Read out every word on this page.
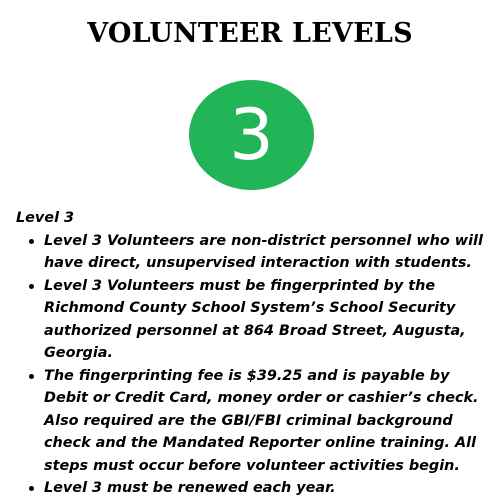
VOLUNTEER LEVELS
3

Level 3

Level 3 Volunteers are non-district personnel who will have direct, unsupervised interaction with students.
Level 3 Volunteers must be fingerprinted by the Richmond County School System’s School Security authorized personnel at 864 Broad Street, Augusta, Georgia.
The fingerprinting fee is $39.25 and is payable by Debit or Credit Card, money order or cashier’s check. Also required are the GBI/FBI criminal background check and the Mandated Reporter online training. All steps must occur before volunteer activities begin.
Level 3 must be renewed each year.
